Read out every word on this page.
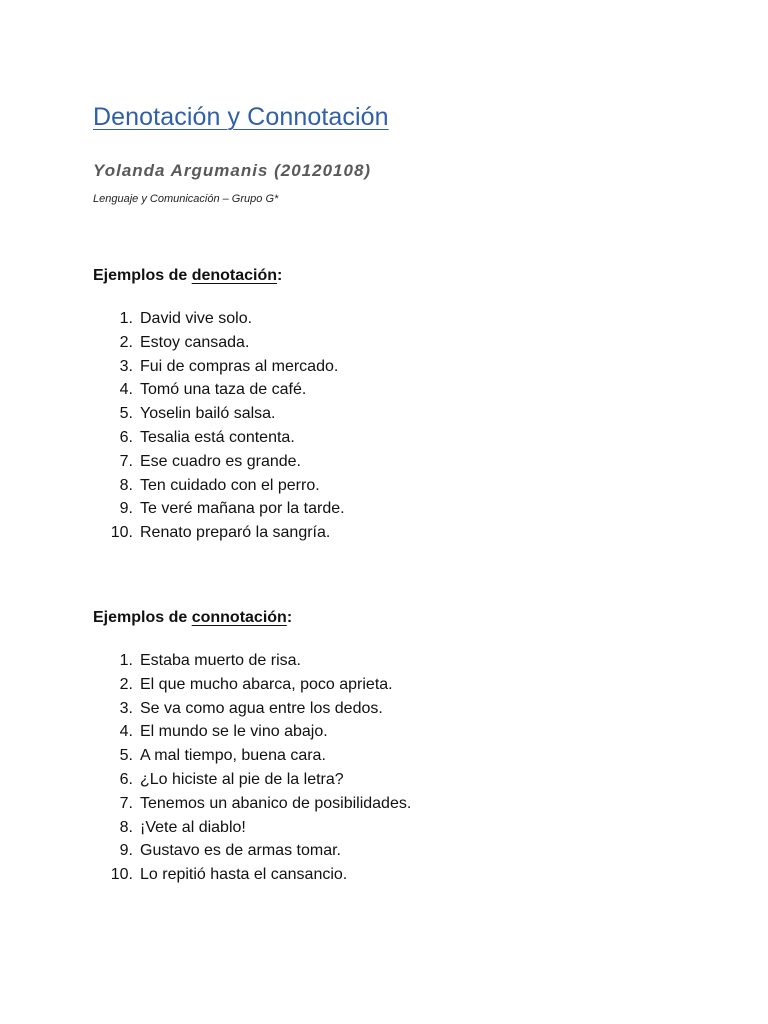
Denotación y Connotación
Yolanda Argumanis (20120108)
Lenguaje y Comunicación – Grupo G*
Ejemplos de denotación:
1. David vive solo.
2. Estoy cansada.
3. Fui de compras al mercado.
4. Tomó una taza de café.
5. Yoselin bailó salsa.
6. Tesalia está contenta.
7. Ese cuadro es grande.
8. Ten cuidado con el perro.
9. Te veré mañana por la tarde.
10. Renato preparó la sangría.
Ejemplos de connotación:
1. Estaba muerto de risa.
2. El que mucho abarca, poco aprieta.
3. Se va como agua entre los dedos.
4. El mundo se le vino abajo.
5. A mal tiempo, buena cara.
6. ¿Lo hiciste al pie de la letra?
7. Tenemos un abanico de posibilidades.
8. ¡Vete al diablo!
9. Gustavo es de armas tomar.
10. Lo repitió hasta el cansancio.
